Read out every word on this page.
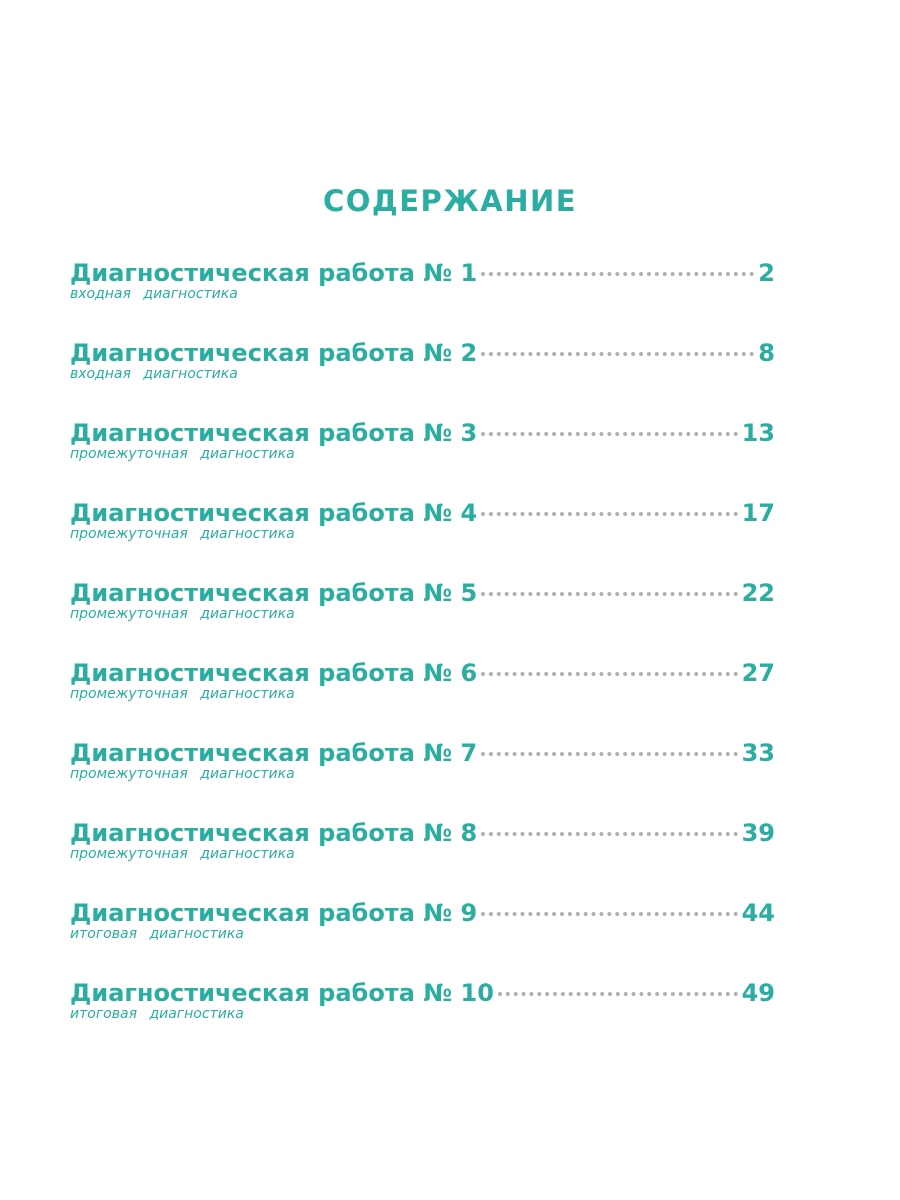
СОДЕРЖАНИЕ
Диагностическая работа № 1	2
входная диагностика
Диагностическая работа № 2	8
входная диагностика
Диагностическая работа № 3	13
промежуточная диагностика
Диагностическая работа № 4	17
промежуточная диагностика
Диагностическая работа № 5	22
промежуточная диагностика
Диагностическая работа № 6	27
промежуточная диагностика
Диагностическая работа № 7	33
промежуточная диагностика
Диагностическая работа № 8	39
промежуточная диагностика
Диагностическая работа № 9	44
итоговая диагностика
Диагностическая работа № 10	49
итоговая диагностика
